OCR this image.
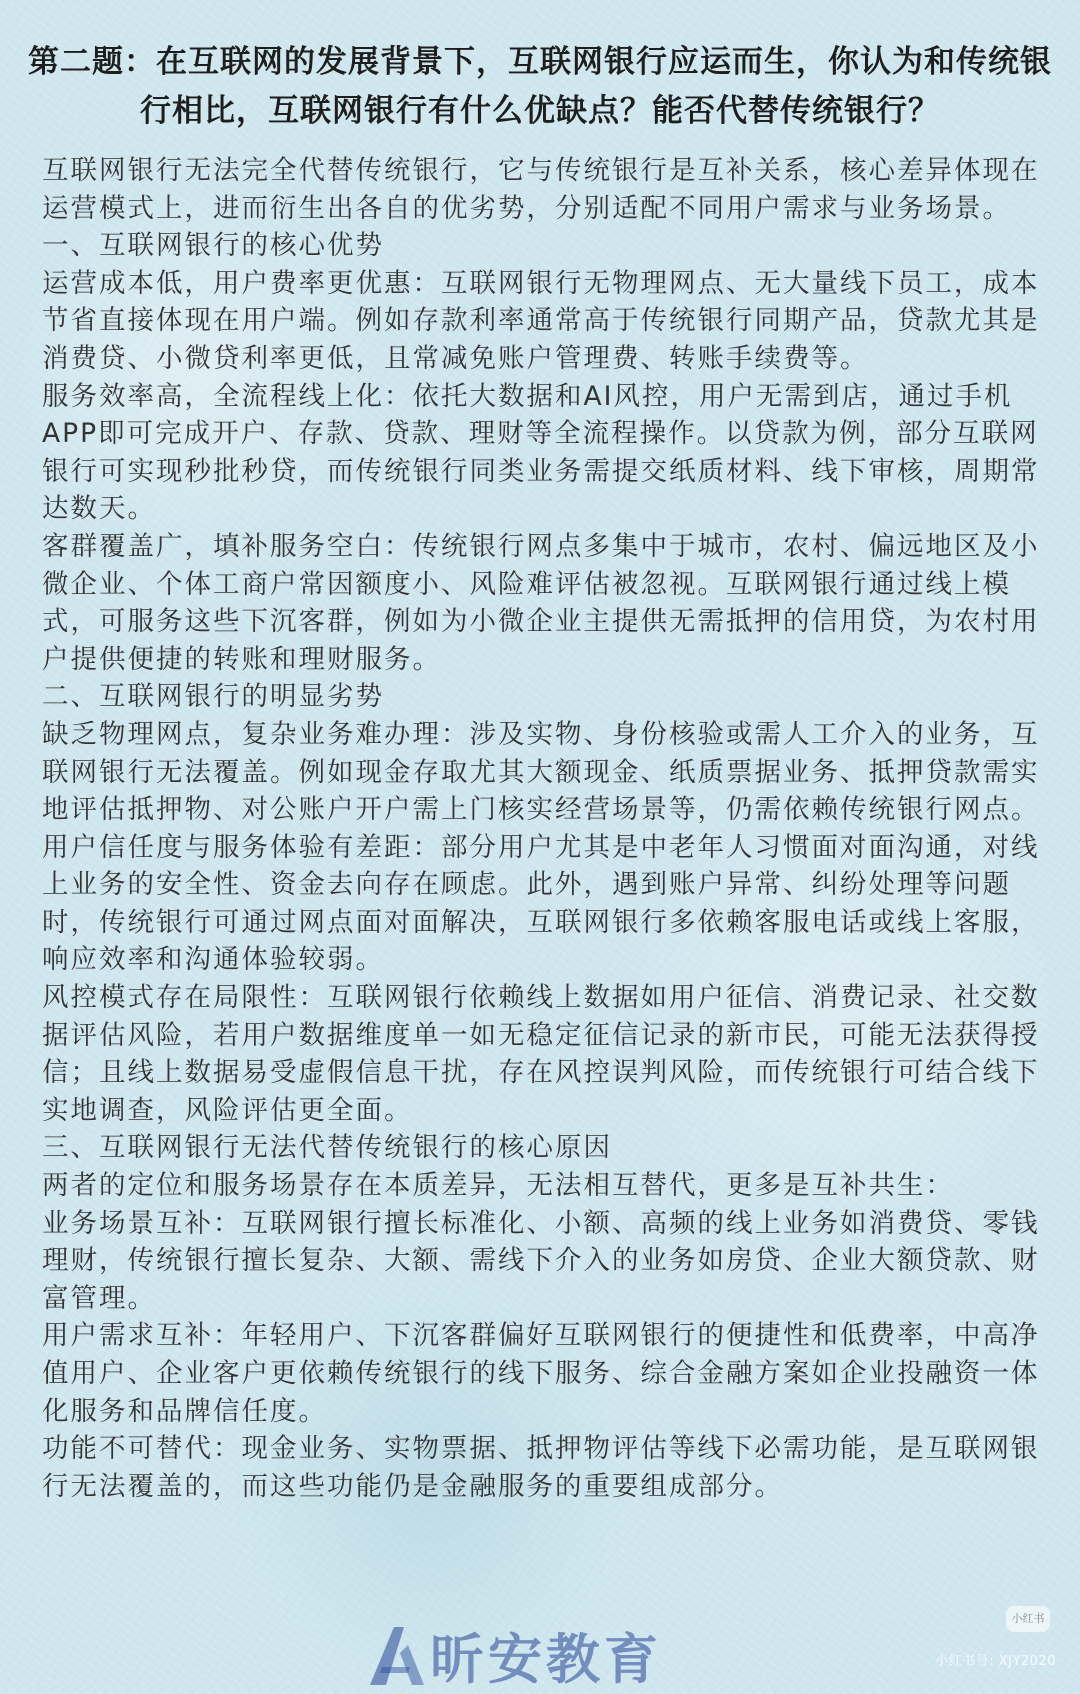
第二题：在互联网的发展背景下，互联网银行应运而生，你认为和传统银行相比，互联网银行有什么优缺点？能否代替传统银行？

互联网银行无法完全代替传统银行，它与传统银行是互补关系，核心差异体现在运营模式上，进而衍生出各自的优劣势，分别适配不同用户需求与业务场景。

一、互联网银行的核心优势

运营成本低，用户费率更优惠：互联网银行无物理网点、无大量线下员工，成本节省直接体现在用户端。例如存款利率通常高于传统银行同期产品，贷款尤其是消费贷、小微贷利率更低，且常减免账户管理费、转账手续费等。

服务效率高，全流程线上化：依托大数据和AI风控，用户无需到店，通过手机APP即可完成开户、存款、贷款、理财等全流程操作。以贷款为例，部分互联网银行可实现秒批秒贷，而传统银行同类业务需提交纸质材料、线下审核，周期常达数天。

客群覆盖广，填补服务空白：传统银行网点多集中于城市，农村、偏远地区及小微企业、个体工商户常因额度小、风险难评估被忽视。互联网银行通过线上模式，可服务这些下沉客群，例如为小微企业主提供无需抵押的信用贷，为农村用户提供便捷的转账和理财服务。

二、互联网银行的明显劣势

缺乏物理网点，复杂业务难办理：涉及实物、身份核验或需人工介入的业务，互联网银行无法覆盖。例如现金存取尤其大额现金、纸质票据业务、抵押贷款需实地评估抵押物、对公账户开户需上门核实经营场景等，仍需依赖传统银行网点。

用户信任度与服务体验有差距：部分用户尤其是中老年人习惯面对面沟通，对线上业务的安全性、资金去向存在顾虑。此外，遇到账户异常、纠纷处理等问题时，传统银行可通过网点面对面解决，互联网银行多依赖客服电话或线上客服，响应效率和沟通体验较弱。

风控模式存在局限性：互联网银行依赖线上数据如用户征信、消费记录、社交数据评估风险，若用户数据维度单一如无稳定征信记录的新市民，可能无法获得授信；且线上数据易受虚假信息干扰，存在风控误判风险，而传统银行可结合线下实地调查，风险评估更全面。

三、互联网银行无法代替传统银行的核心原因

两者的定位和服务场景存在本质差异，无法相互替代，更多是互补共生：

业务场景互补：互联网银行擅长标准化、小额、高频的线上业务如消费贷、零钱理财，传统银行擅长复杂、大额、需线下介入的业务如房贷、企业大额贷款、财富管理。

用户需求互补：年轻用户、下沉客群偏好互联网银行的便捷性和低费率，中高净值用户、企业客户更依赖传统银行的线下服务、综合金融方案如企业投融资一体化服务和品牌信任度。

功能不可替代：现金业务、实物票据、抵押物评估等线下必需功能，是互联网银行无法覆盖的，而这些功能仍是金融服务的重要组成部分。

昕安教育
小红书
小红书号: XJY2020
